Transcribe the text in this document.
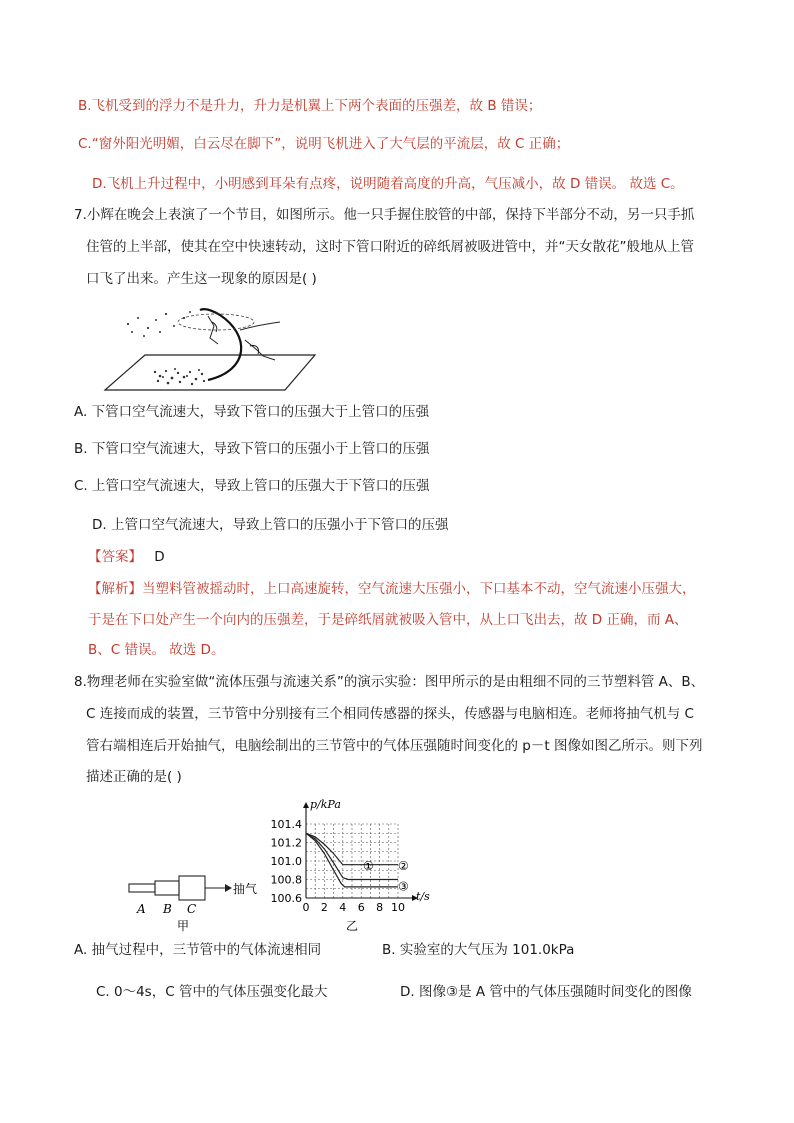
B.飞机受到的浮力不是升力，升力是机翼上下两个表面的压强差，故 B 错误；
C.“窗外阳光明媚，白云尽在脚下”，说明飞机进入了大气层的平流层，故 C 正确；
D.飞机上升过程中，小明感到耳朵有点疼，说明随着高度的升高，气压减小，故 D 错误。 故选 C。
7.小辉在晚会上表演了一个节目，如图所示。他一只手握住胶管的中部，保持下半部分不动，另一只手抓
住管的上半部，使其在空中快速转动，这时下管口附近的碎纸屑被吸进管中，并“天女散花”般地从上管
口飞了出来。产生这一现象的原因是( )
A. 下管口空气流速大，导致下管口的压强大于上管口的压强
B. 下管口空气流速大，导致下管口的压强小于上管口的压强
C. 上管口空气流速大，导致上管口的压强大于下管口的压强
D. 上管口空气流速大，导致上管口的压强小于下管口的压强
【答案】 D
【解析】当塑料管被摇动时，上口高速旋转，空气流速大压强小，下口基本不动，空气流速小压强大，
于是在下口处产生一个向内的压强差，于是碎纸屑就被吸入管中，从上口飞出去，故 D 正确，而 A、
B、C 错误。 故选 D。
8.物理老师在实验室做“流体压强与流速关系”的演示实验：图甲所示的是由粗细不同的三节塑料管 A、B、
C 连接而成的装置，三节管中分别接有三个相同传感器的探头，传感器与电脑相连。老师将抽气机与 C
管右端相连后开始抽气，电脑绘制出的三节管中的气体压强随时间变化的 p－t 图像如图乙所示。则下列
描述正确的是( )
抽气
A B C
甲
0 2 4 6 8 10
100.6
100.8
101.0
101.2
101.4
① ②
③
p/kPa
t/s
乙
A. 抽气过程中，三节管中的气体流速相同	B. 实验室的大气压为 101.0kPa
C. 0～4s，C 管中的气体压强变化最大	D. 图像③是 A 管中的气体压强随时间变化的图像
